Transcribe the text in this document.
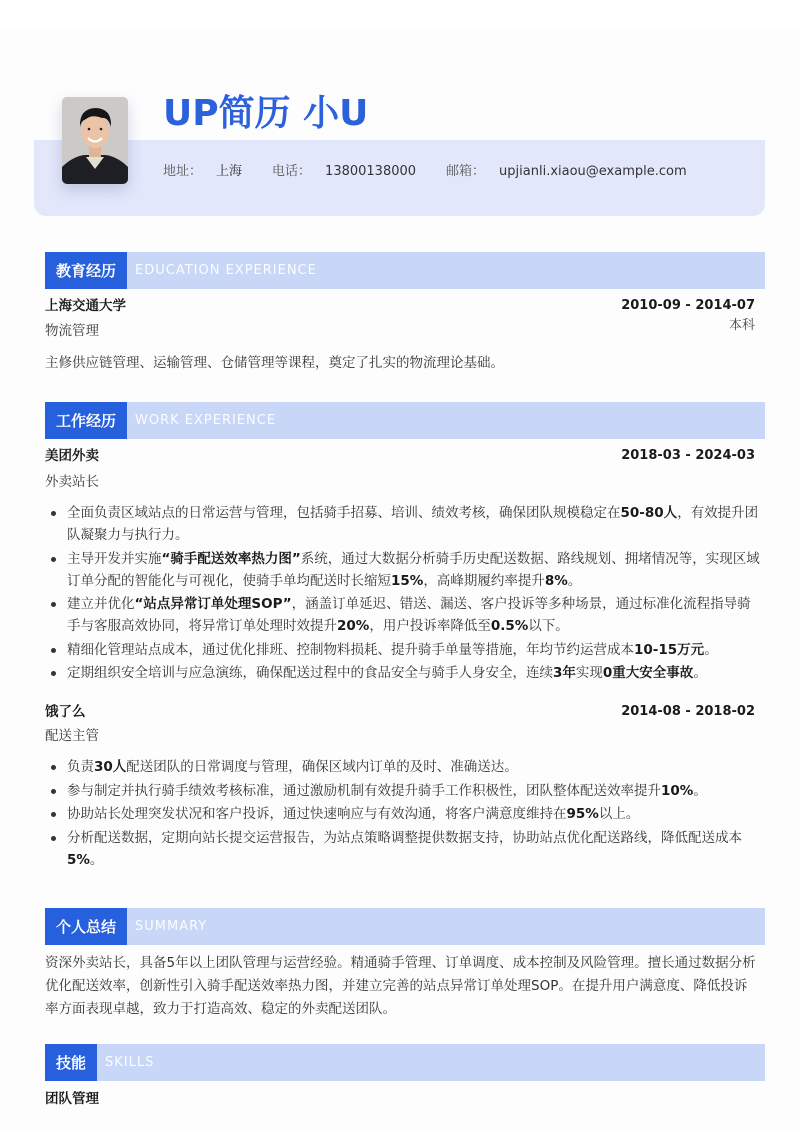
UP简历 小U
地址： 上海 电话： 13800138000 邮箱： upjianli.xiaou@example.com
教育经历	EDUCATION EXPERIENCE
上海交通大学	2010-09 - 2014-07
物流管理	本科
主修供应链管理、运输管理、仓储管理等课程，奠定了扎实的物流理论基础。
工作经历	WORK EXPERIENCE
美团外卖	2018-03 - 2024-03
外卖站长
全面负责区域站点的日常运营与管理，包括骑手招募、培训、绩效考核，确保团队规模稳定在50-80人，有效提升团队凝聚力与执行力。
主导开发并实施“骑手配送效率热力图”系统，通过大数据分析骑手历史配送数据、路线规划、拥堵情况等，实现区域订单分配的智能化与可视化，使骑手单均配送时长缩短15%，高峰期履约率提升8%。
建立并优化“站点异常订单处理SOP”，涵盖订单延迟、错送、漏送、客户投诉等多种场景，通过标准化流程指导骑手与客服高效协同，将异常订单处理时效提升20%，用户投诉率降低至0.5%以下。
精细化管理站点成本，通过优化排班、控制物料损耗、提升骑手单量等措施，年均节约运营成本10-15万元。
定期组织安全培训与应急演练，确保配送过程中的食品安全与骑手人身安全，连续3年实现0重大安全事故。
饿了么	2014-08 - 2018-02
配送主管
负责30人配送团队的日常调度与管理，确保区域内订单的及时、准确送达。
参与制定并执行骑手绩效考核标准，通过激励机制有效提升骑手工作积极性，团队整体配送效率提升10%。
协助站长处理突发状况和客户投诉，通过快速响应与有效沟通，将客户满意度维持在95%以上。
分析配送数据，定期向站长提交运营报告，为站点策略调整提供数据支持，协助站点优化配送路线，降低配送成本5%。
个人总结	SUMMARY
资深外卖站长，具备5年以上团队管理与运营经验。精通骑手管理、订单调度、成本控制及风险管理。擅长通过数据分析优化配送效率，创新性引入骑手配送效率热力图，并建立完善的站点异常订单处理SOP。在提升用户满意度、降低投诉率方面表现卓越，致力于打造高效、稳定的外卖配送团队。
技能	SKILLS
团队管理
